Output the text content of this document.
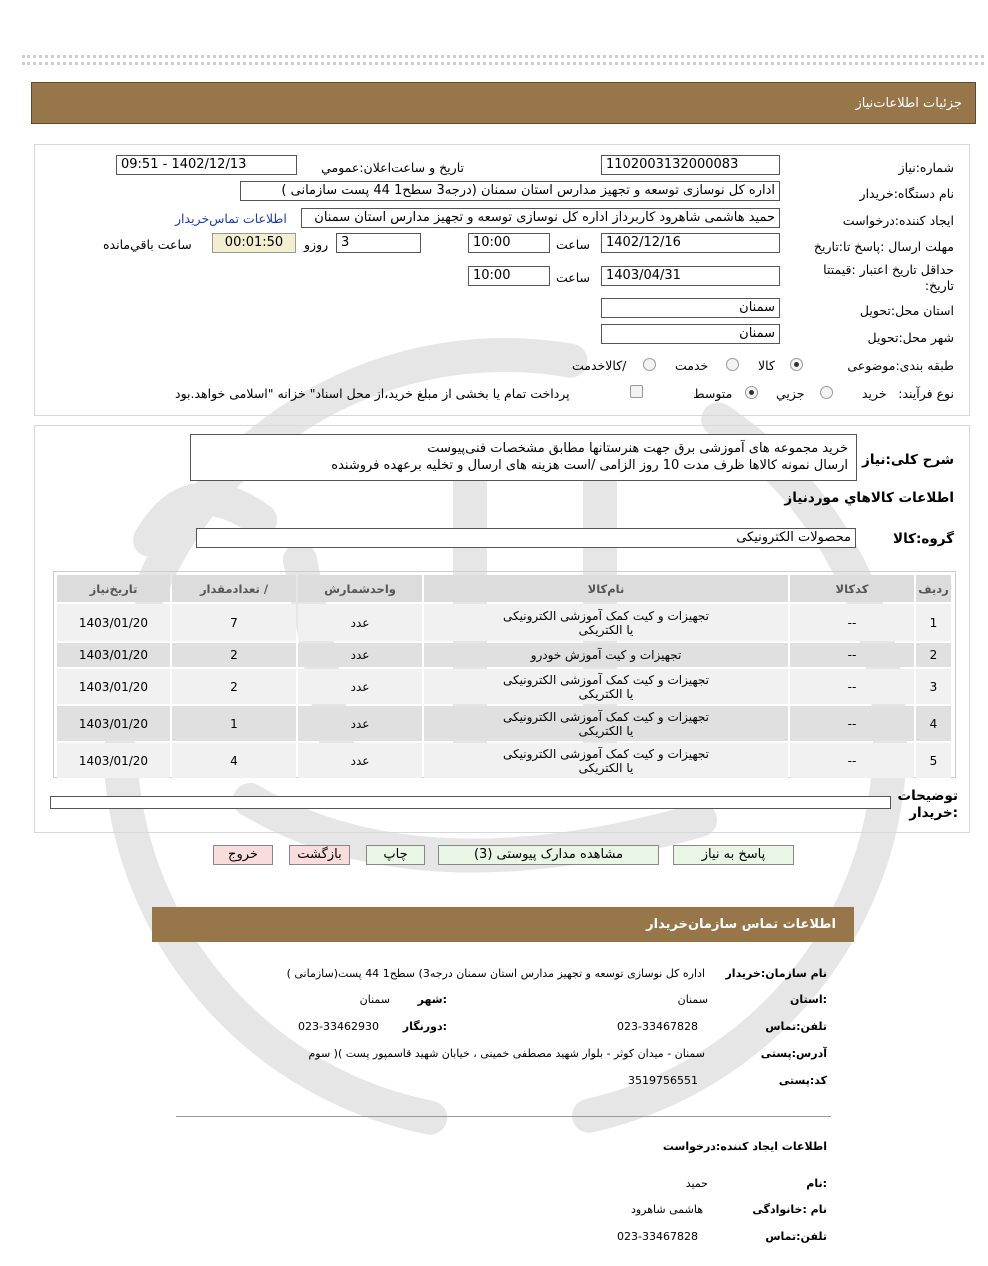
جزئیات اطلاعات‌نیاز
شماره:نیاز
1102003132000083
تاریخ و ساعت‌اعلان:عمومي
1402/12/13 - 09:51
نام دستگاه:خریدار
اداره کل نوسازی توسعه و تجهیز مدارس استان سمنان (درجه3 سطح1 44 پست سازمانی )
ایجاد کننده:درخواست
حمید هاشمی شاهرود کاربرداز اداره کل نوسازی توسعه و تجهیز مدارس استان سمنان
اطلاعات تماس‌خریدار
مهلت ارسال :پاسخ تا:تاریخ
1402/12/16
ساعت
10:00
3
روزو
00:01:50
ساعت باقي‌مانده
حداقل تاریخ اعتبار :قیمتتا تاریخ:
1403/04/31
ساعت
10:00
استان محل:تحویل
سمنان
شهر محل:تحویل
سمنان
طبقه بندی:موضوعی
کالا
خدمت
/کالاخدمت
نوع فرآیند:
خرید
جزیي
متوسط
پرداخت تمام یا بخشی از مبلغ خرید،از محل اسناد" خزانه "اسلامی خواهد.بود
شرح کلی:نیاز
خرید مجموعه های آموزشی برق جهت هنرستانها مطابق مشخصات فنی‌پیوست
ارسال نمونه کالاها ظرف مدت 10 روز الزامی /است هزینه های ارسال و تخلیه برعهده فروشنده
اطلاعات کالاهاي موردنیاز
گروه:کالا
محصولات الکترونیکی
ردیف	کدکالا	نام‌کالا	واحدشمارش	/ تعدادمقدار	تاریخ‌نیاز
1	--	تجهیزات و کیت کمک آموزشی الکترونیکی
یا الکتریکی	عدد	7	1403/01/20
2	--	تجهیزات و کیت آموزش خودرو	عدد	2	1403/01/20
3	--	تجهیزات و کیت کمک آموزشی الکترونیکی
یا الکتریکی	عدد	2	1403/01/20
4	--	تجهیزات و کیت کمک آموزشی الکترونیکی
یا الکتریکی	عدد	1	1403/01/20
5	--	تجهیزات و کیت کمک آموزشی الکترونیکی
یا الکتریکی	عدد	4	1403/01/20
توضیحات :خریدار
پاسخ به نیاز
مشاهده مدارک پیوستی (3)
چاپ
بازگشت
خروج
اطلاعات تماس سازمان‌خریدار
نام سازمان:خریدار
اداره کل نوسازی توسعه و تجهیز مدارس استان سمنان درجه3) سطح1 44 پست(سازمانی )
:استان
سمنان
:شهر
سمنان
تلفن:تماس
023-33467828
:دورنگار
023-33462930
آدرس:پستی
سمنان - میدان کوثر - بلوار شهید مصطفی خمینی ، خیابان شهید قاسمپور پست )( سوم
کد:پستی
3519756551
اطلاعات ایجاد کننده:درخواست
:نام
حمید
نام :خانوادگی
هاشمی شاهرود
تلفن:تماس
023-33467828
